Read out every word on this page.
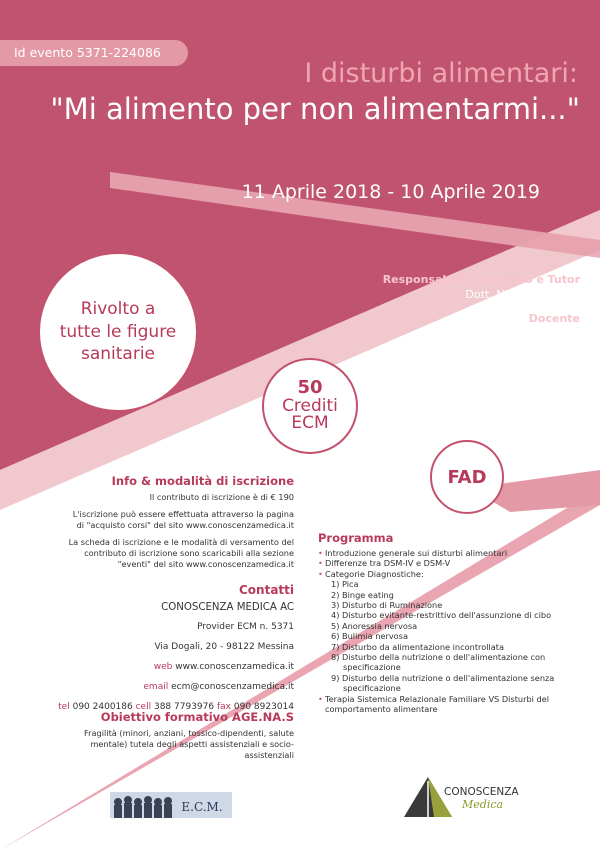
Id evento 5371-224086
I disturbi alimentari:
"Mi alimento per non alimentarmi..."
11 Aprile 2018 - 10 Aprile 2019
Rivolto a
tutte le figure
sanitarie
50
Crediti
ECM
FAD
Responsabile scientifico e Tutor
Dott. Nicola Pangallo
Docente
Dott.ssa Maria Teresa Vecchio
Info & modalità di iscrizione

Il contributo di iscrizione è di € 190

L'iscrizione può essere effettuata attraverso la pagina di "acquisto corsi" del sito www.conoscenzamedica.it

La scheda di iscrizione e le modalità di versamento del contributo di iscrizione sono scaricabili alla sezione "eventi" del sito www.conoscenzamedica.it

Contatti
CONOSCENZA MEDICA AC
Provider ECM n. 5371
Via Dogali, 20 - 98122 Messina
web www.conoscenzamedica.it
email ecm@conoscenzamedica.it
tel 090 2400186 cell 388 7793976 fax 090 8923014
Obiettivo formativo AGE.NA.S
Fragilità (minori, anziani, tossico-dipendenti, salute mentale) tutela degli aspetti assistenziali e socio-assistenziali
Programma
• Introduzione generale sui disturbi alimentari
• Differenze tra DSM-IV e DSM-V
• Categorie Diagnostiche:
1) Pica
2) Binge eating
3) Disturbo di Ruminazione
4) Disturbo evitante-restrittivo dell'assunzione di cibo
5) Anoressia nervosa
6) Bulimia nervosa
7) Disturbo da alimentazione incontrollata
8) Disturbo della nutrizione o dell'alimentazione con specificazione
9) Disturbo della nutrizione o dell'alimentazione senza specificazione
• Terapia Sistemica Relazionale Familiare VS Disturbi del comportamento alimentare
E.C.M.
CONOSCENZA
Medica
